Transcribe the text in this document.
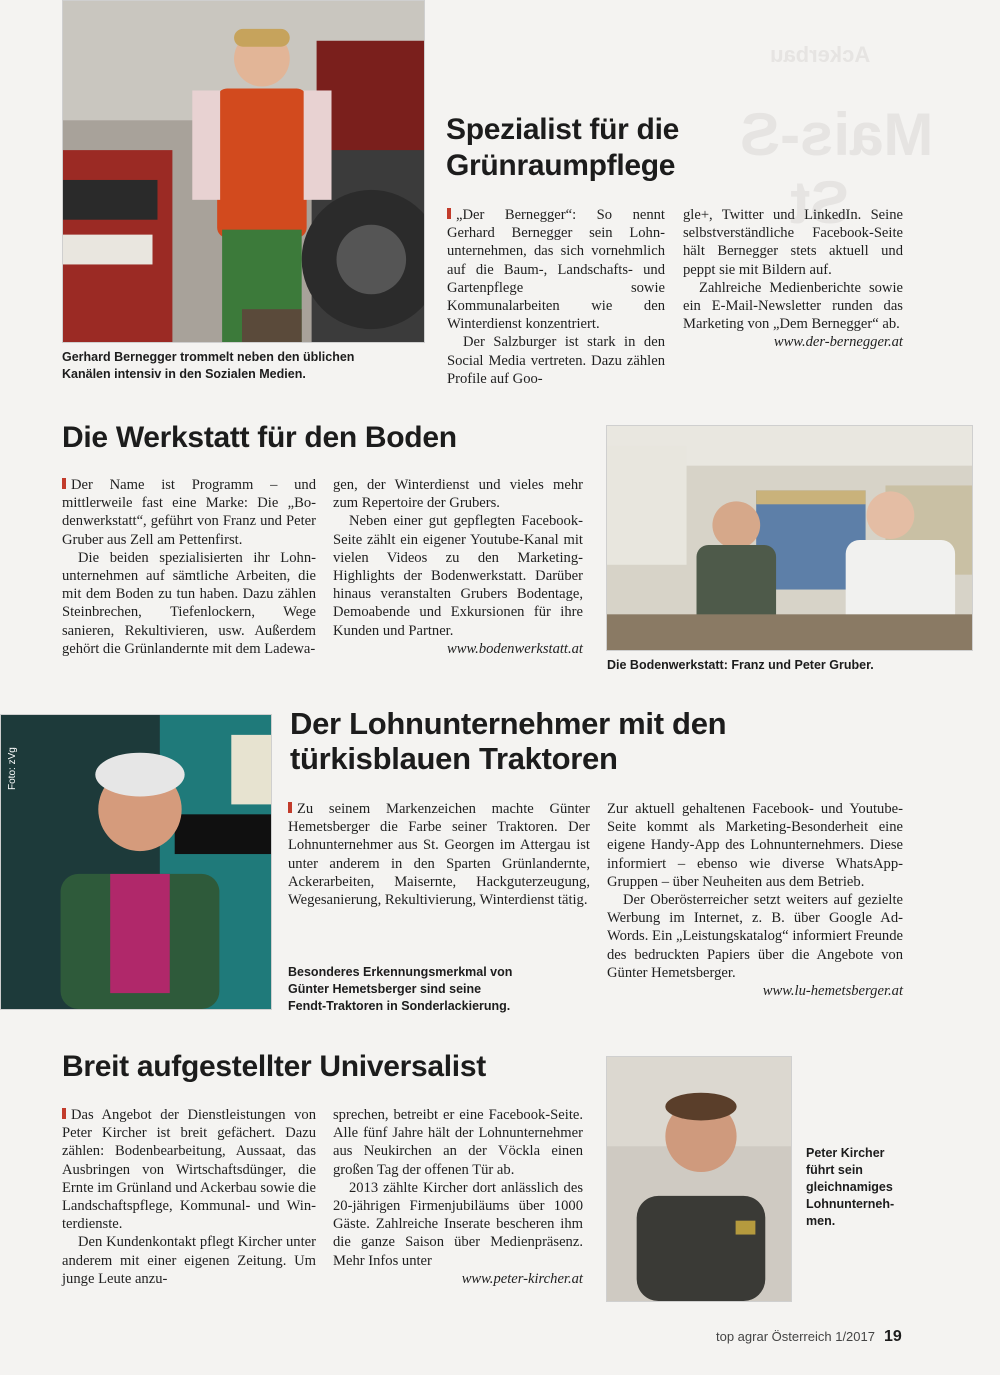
Ackerbau
Mais-S
St
Gerhard Bernegger trommelt neben den üblichen
Kanälen intensiv in den Sozialen Medien.
Spezialist für die
Grünraumpflege

„Der Bernegger“: So nennt Gerhard Bernegger sein Lohnunternehmen, das sich vornehmlich auf die Baum-, Landschafts- und Gartenpflege sowie Kommunalarbeiten wie den Winterdienst konzentriert.

Der Salzburger ist stark in den Social Media vertreten. Dazu zählen Profile auf Goo-

gle+, Twitter und LinkedIn. Seine selbstverständliche Facebook-Seite hält Bernegger stets aktuell und peppt sie mit Bildern auf.

Zahlreiche Medienberichte sowie ein E-Mail-Newsletter runden das Marketing von „Dem Bernegger“ ab.

www.der-bernegger.at

Die Werkstatt für den Boden

Der Name ist Programm – und mittlerweile fast eine Marke: Die „Bodenwerkstatt“, geführt von Franz und Peter Gruber aus Zell am Pettenfirst.

Die beiden spezialisierten ihr Lohnunternehmen auf sämtliche Arbeiten, die mit dem Boden zu tun haben. Dazu zählen Steinbrechen, Tiefenlockern, Wege sanieren, Rekultivieren, usw. Außerdem gehört die Grünlandernte mit dem Ladewa-

gen, der Winterdienst und vieles mehr zum Repertoire der Grubers.

Neben einer gut gepflegten Facebook-Seite zählt ein eigener Youtube-Kanal mit vielen Videos zu den Marketing-Highlights der Bodenwerkstatt. Darüber hinaus veranstalten Grubers Bodentage, Demoabende und Exkursionen für ihre Kunden und Partner.

www.bodenwerkstatt.at

Die Bodenwerkstatt: Franz und Peter Gruber.
Foto: zVg
Der Lohnunternehmer mit den
türkisblauen Traktoren

Zu seinem Markenzeichen machte Günter Hemetsberger die Farbe seiner Traktoren. Der Lohnunternehmer aus St. Georgen im Attergau ist unter anderem in den Sparten Grünlandernte, Ackerarbeiten, Maisernte, Hackguterzeugung, Wegesanierung, Rekultivierung, Winterdienst tätig.

Besonderes Erkennungsmerkmal von
Günter Hemetsberger sind seine
Fendt-Traktoren in Sonderlackierung.

Zur aktuell gehaltenen Facebook- und Youtube-Seite kommt als Marketing-Besonderheit eine eigene Handy-App des Lohnunternehmers. Diese informiert – ebenso wie diverse WhatsApp-Gruppen – über Neuheiten aus dem Betrieb.

Der Oberösterreicher setzt weiters auf gezielte Werbung im Internet, z. B. über Google Ad-Words. Ein „Leistungskatalog“ informiert Freunde des bedruckten Papiers über die Angebote von Günter Hemetsberger.

www.lu-hemetsberger.at

Breit aufgestellter Universalist

Das Angebot der Dienstleistungen von Peter Kircher ist breit gefächert. Dazu zählen: Bodenbearbeitung, Aussaat, das Ausbringen von Wirtschaftsdünger, die Ernte im Grünland und Ackerbau sowie die Landschaftspflege, Kommunal- und Winterdienste.

Den Kundenkontakt pflegt Kircher unter anderem mit einer eigenen Zeitung. Um junge Leute anzu-

sprechen, betreibt er eine Facebook-Seite. Alle fünf Jahre hält der Lohnunternehmer aus Neukirchen an der Vöckla einen großen Tag der offenen Tür ab.

2013 zählte Kircher dort anlässlich des 20-jährigen Firmenjubiläums über 1000 Gäste. Zahlreiche Inserate bescheren ihm die ganze Saison über Medienpräsenz. Mehr Infos unter

www.peter-kircher.at

Peter Kircher
führt sein
gleichnamiges
Lohnunterneh-
men.
top agrar Österreich 1/2017 19
